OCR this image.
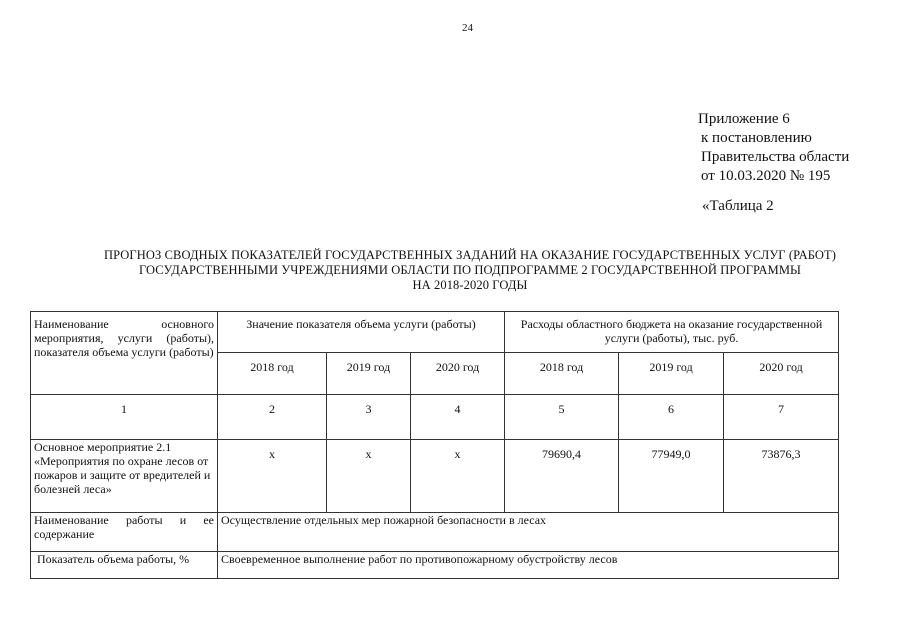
24
Приложение 6
к постановлению
Правительства области
от 10.03.2020 № 195
«Таблица 2
ПРОГНОЗ СВОДНЫХ ПОКАЗАТЕЛЕЙ ГОСУДАРСТВЕННЫХ ЗАДАНИЙ НА ОКАЗАНИЕ ГОСУДАРСТВЕННЫХ УСЛУГ (РАБОТ)
ГОСУДАРСТВЕННЫМИ УЧРЕЖДЕНИЯМИ ОБЛАСТИ ПО ПОДПРОГРАММЕ 2 ГОСУДАРСТВЕННОЙ ПРОГРАММЫ
НА 2018-2020 ГОДЫ
Наименование основного мероприятия, услуги (работы), показателя объема услуги (работы)	Значение показателя объема услуги (работы)			Расходы областного бюджета на оказание государственной услуги (работы), тыс. руб.		
	2018 год	2019 год	2020 год	2018 год	2019 год	2020 год
1	2	3	4	5	6	7
Основное мероприятие 2.1 «Мероприятия по охране лесов от пожаров и защите от вредителей и болезней леса»	х	х	х	79690,4	77949,0	73876,3
Наименование работы и ее содержание	Осуществление отдельных мер пожарной безопасности в лесах					
Показатель объема работы, %	Своевременное выполнение работ по противопожарному обустройству лесов					
